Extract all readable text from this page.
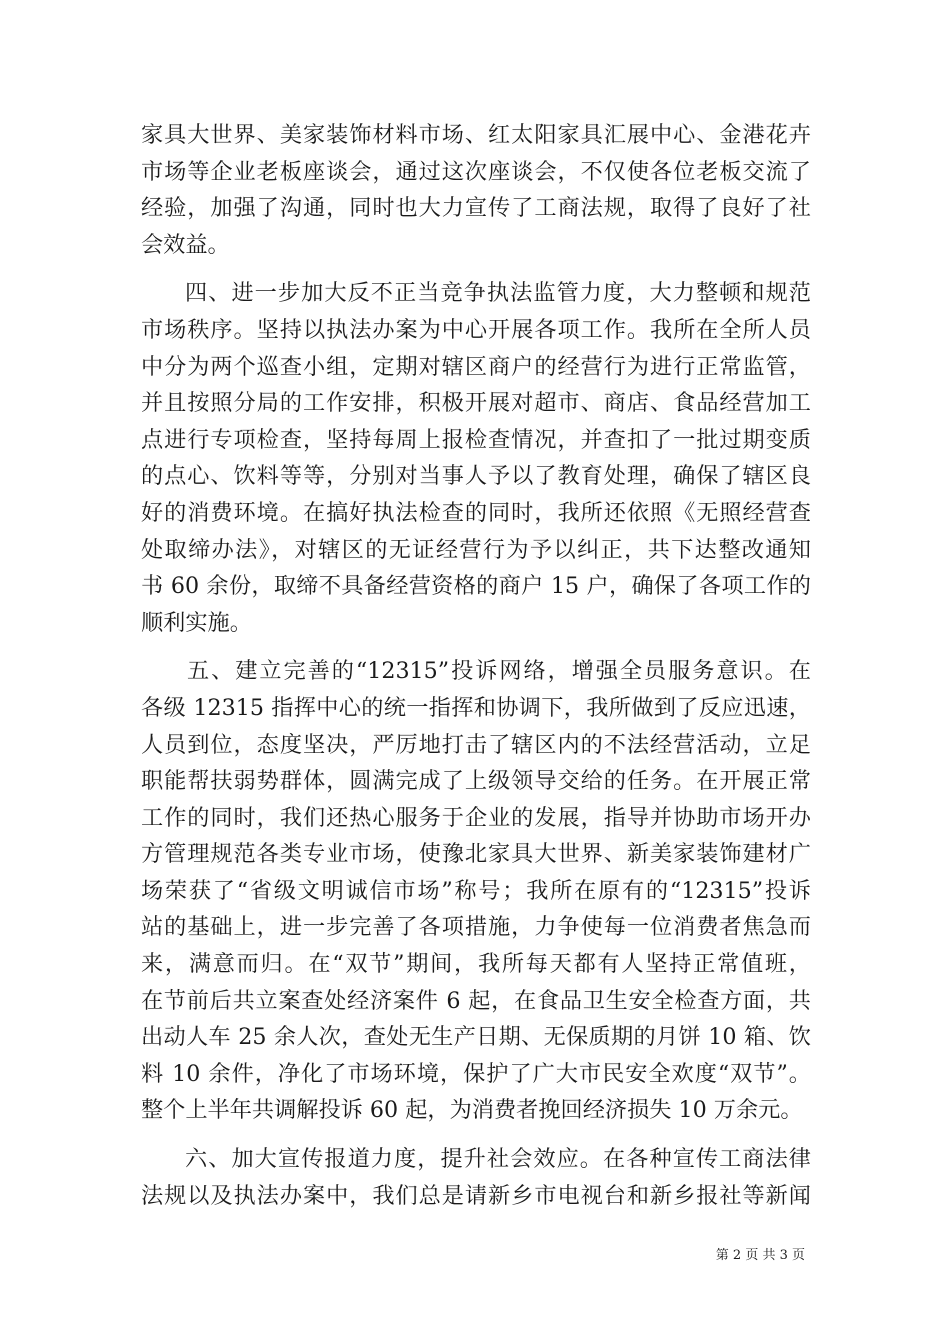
家具大世界、美家装饰材料市场、红太阳家具汇展中心、金港花卉
市场等企业老板座谈会，通过这次座谈会，不仅使各位老板交流了
经验，加强了沟通，同时也大力宣传了工商法规，取得了良好了社
会效益。
四、进一步加大反不正当竞争执法监管力度，大力整顿和规范
市场秩序。坚持以执法办案为中心开展各项工作。我所在全所人员
中分为两个巡查小组，定期对辖区商户的经营行为进行正常监管，
并且按照分局的工作安排，积极开展对超市、商店、食品经营加工
点进行专项检查，坚持每周上报检查情况，并查扣了一批过期变质
的点心、饮料等等，分别对当事人予以了教育处理，确保了辖区良
好的消费环境。在搞好执法检查的同时，我所还依照《无照经营查
处取缔办法》，对辖区的无证经营行为予以纠正，共下达整改通知
书 60 余份，取缔不具备经营资格的商户 15 户，确保了各项工作的
顺利实施。
五、建立完善的“12315”投诉网络，增强全员服务意识。在
各级 12315 指挥中心的统一指挥和协调下，我所做到了反应迅速，
人员到位，态度坚决，严厉地打击了辖区内的不法经营活动，立足
职能帮扶弱势群体，圆满完成了上级领导交给的任务。在开展正常
工作的同时，我们还热心服务于企业的发展，指导并协助市场开办
方管理规范各类专业市场，使豫北家具大世界、新美家装饰建材广
场荣获了“省级文明诚信市场”称号；我所在原有的“12315”投诉
站的基础上，进一步完善了各项措施，力争使每一位消费者焦急而
来，满意而归。在“双节”期间，我所每天都有人坚持正常值班，
在节前后共立案查处经济案件 6 起，在食品卫生安全检查方面，共
出动人车 25 余人次，查处无生产日期、无保质期的月饼 10 箱、饮
料 10 余件，净化了市场环境，保护了广大市民安全欢度“双节”。
整个上半年共调解投诉 60 起，为消费者挽回经济损失 10 万余元。
六、加大宣传报道力度，提升社会效应。在各种宣传工商法律
法规以及执法办案中，我们总是请新乡市电视台和新乡报社等新闻
第 2 页 共 3 页
